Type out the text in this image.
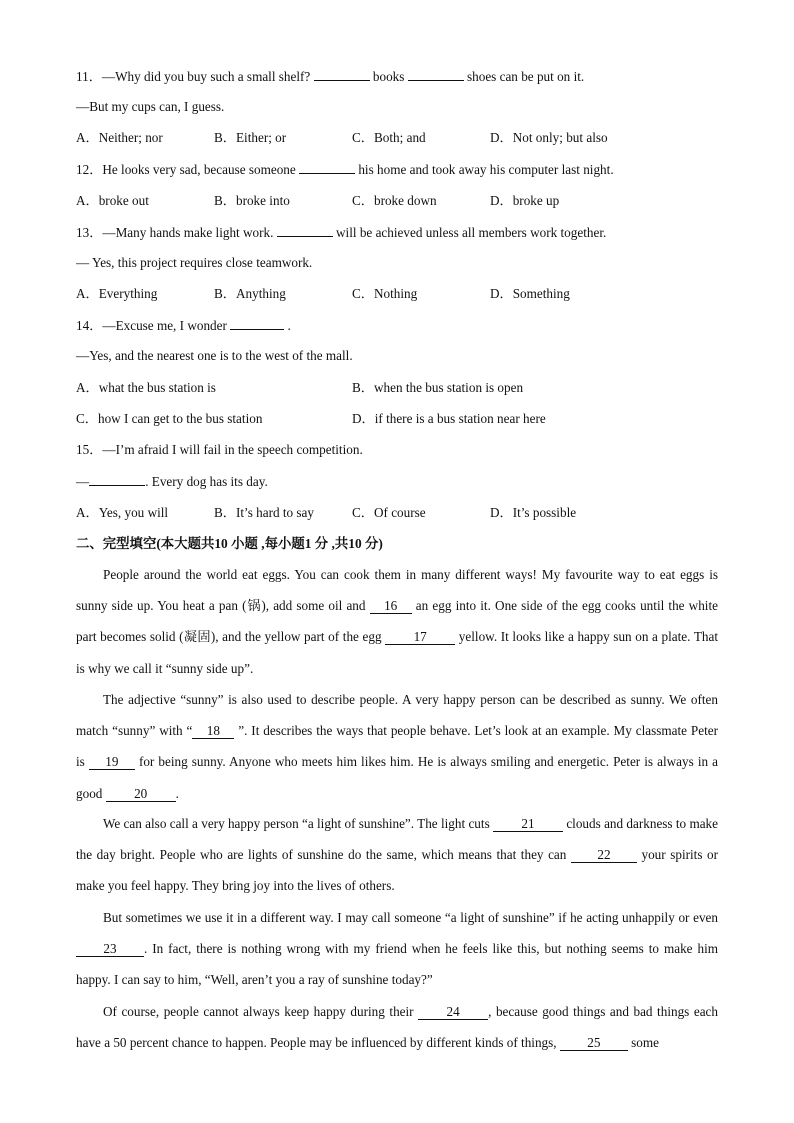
11．—Why did you buy such a small shelf?	books	shoes can be put on it.
—But my cups can, I guess.
A．Neither; nor	B．Either; or	C．Both; and	D．Not only; but also
12．He looks very sad, because someone	his home and took away his computer last night.
A．broke out	B．broke into	C．broke down	D．broke up
13．—Many hands make light work.	will be achieved unless all members work together.
— Yes, this project requires close teamwork.
A．Everything	B．Anything	C．Nothing	D．Something
14．—Excuse me, I wonder	.
—Yes, and the nearest one is to the west of the mall.
A．what the bus station is	B．when the bus station is open
C．how I can get to the bus station	D．if there is a bus station near here
15．—I’m afraid I will fail in the speech competition.
—	. Every dog has its day.
A．Yes, you will	B．It’s hard to say	C．Of course	D．It’s possible
二、完型填空(本大题共10 小题 ,每小题1 分 ,共10 分)

People around the world eat eggs. You can cook them in many different ways! My favourite way to eat eggs is sunny side up. You heat a pan (锅), add some oil and 16 an egg into it. One side of the egg cooks until the white part becomes solid (凝固), and the yellow part of the egg 17 yellow. It looks like a happy sun on a plate. That is why we call it “sunny side up”.

The adjective “sunny” is also used to describe people. A very happy person can be described as sunny. We often match “sunny” with “ 18 ”. It describes the ways that people behave. Let’s look at an example. My classmate Peter is 19 for being sunny. Anyone who meets him likes him. He is always smiling and energetic. Peter is always in a good 20 .

We can also call a very happy person “a light of sunshine”. The light cuts 21 clouds and darkness to make the day bright. People who are lights of sunshine do the same, which means that they can 22 your spirits or make you feel happy. They bring joy into the lives of others.

But sometimes we use it in a different way. I may call someone “a light of sunshine” if he acting unhappily or even 23 . In fact, there is nothing wrong with my friend when he feels like this, but nothing seems to make him happy. I can say to him, “Well, aren’t you a ray of sunshine today?”

Of course, people cannot always keep happy during their 24 , because good things and bad things each have a 50 percent chance to happen. People may be influenced by different kinds of things, 25 some
